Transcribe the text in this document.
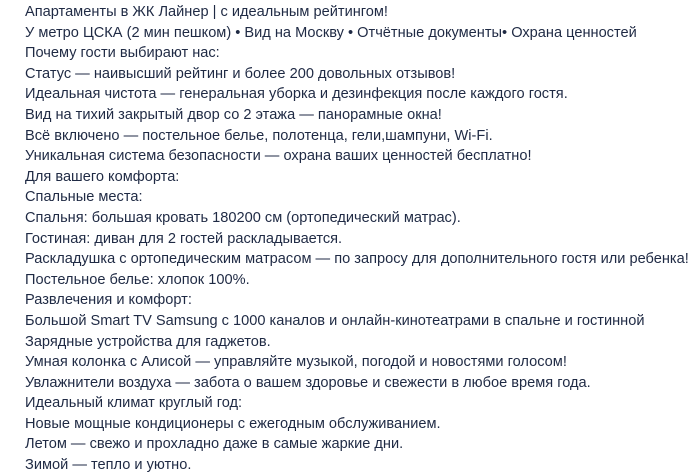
Апартаменты в ЖК Лайнер | с идеальным рейтингом!
У метро ЦСКА (2 мин пешком) • Вид на Москву • Отчётные документы• Охрана ценностей
Почему гости выбирают нас:
Статус — наивысший рейтинг и более 200 довольных отзывов!
Идеальная чистота — генеральная уборка и дезинфекция после каждого гостя.
Вид на тихий закрытый двор со 2 этажа — панорамные окна!
Всё включено — постельное белье, полотенца, гели,шампуни, Wi-Fi.
Уникальная система безопасности — охрана ваших ценностей бесплатно!
Для вашего комфорта:
Спальные места:
Спальня: большая кровать 180200 см (ортопедический матрас).
Гостиная: диван для 2 гостей раскладывается.
Раскладушка с ортопедическим матрасом — по запросу для дополнительного гостя или ребенка!
Постельное белье: хлопок 100%.
Развлечения и комфорт:
Большой Smart TV Samsung с 1000 каналов и онлайн-кинотеатрами в спальне и гостинной
Зарядные устройства для гаджетов.
Умная колонка с Алисой — управляйте музыкой, погодой и новостями голосом!
Увлажнители воздуха — забота о вашем здоровье и свежести в любое время года.
Идеальный климат круглый год:
Новые мощные кондиционеры с ежегодным обслуживанием.
Летом — свежо и прохладно даже в самые жаркие дни.
Зимой — тепло и уютно.
